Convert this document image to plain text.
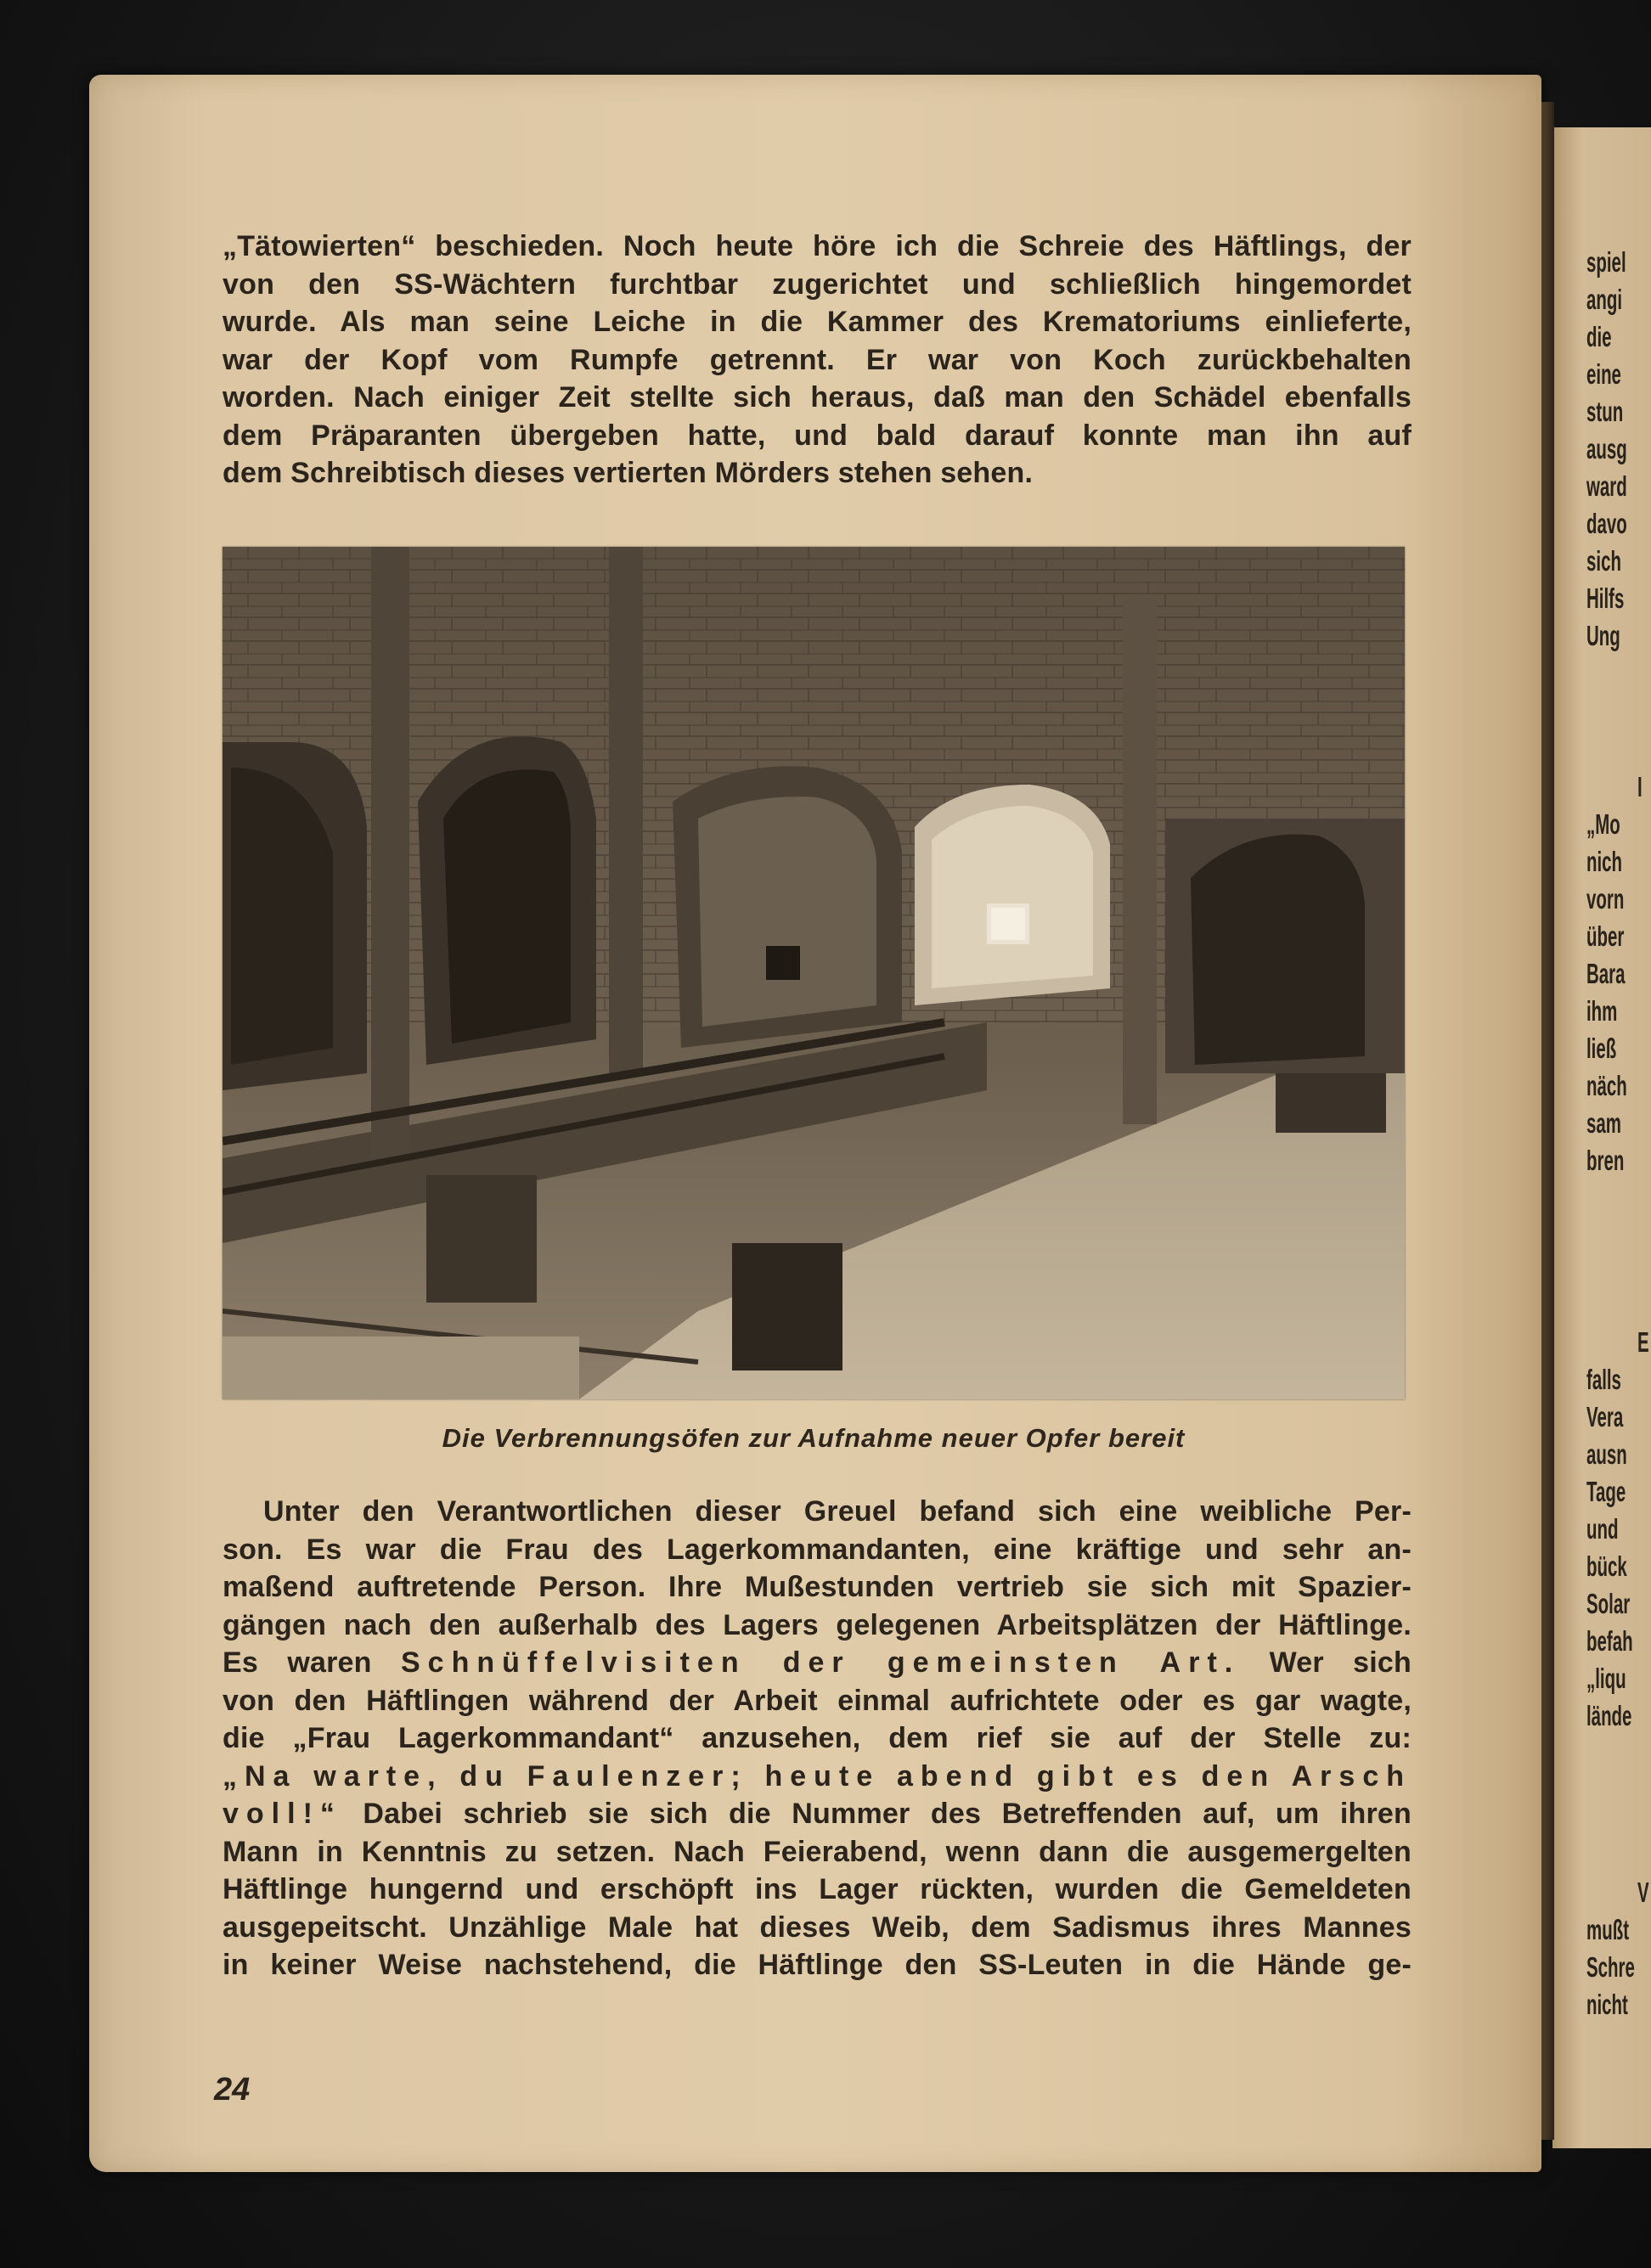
spiel
angi
die
eine
stun
ausg
ward
davo
sich
Hilfs
Ung
I
„Mo
nich
vorn
über
Bara
ihm
ließ
näch
sam
bren
E
falls
Vera
ausn
Tage
und
bück
Solar
befah
„liqu
lände
V
mußt
Schre
nicht
„Tätowierten“ beschieden. Noch heute höre ich die Schreie des Häftlings, der
von den SS-Wächtern furchtbar zugerichtet und schließlich hingemordet
wurde. Als man seine Leiche in die Kammer des Krematoriums einlieferte,
war der Kopf vom Rumpfe getrennt. Er war von Koch zurückbehalten
worden. Nach einiger Zeit stellte sich heraus, daß man den Schädel ebenfalls
dem Präparanten übergeben hatte, und bald darauf konnte man ihn auf
dem Schreibtisch dieses vertierten Mörders stehen sehen.
Die Verbrennungsöfen zur Aufnahme neuer Opfer bereit
Unter den Verantwortlichen dieser Greuel befand sich eine weibliche Per-
son. Es war die Frau des Lagerkommandanten, eine kräftige und sehr an-
maßend auftretende Person. Ihre Mußestunden vertrieb sie sich mit Spazier-
gängen nach den außerhalb des Lagers gelegenen Arbeitsplätzen der Häftlinge.
Es waren Schnüffelvisiten der gemeinsten Art. Wer sich
von den Häftlingen während der Arbeit einmal aufrichtete oder es gar wagte,
die „Frau Lagerkommandant“ anzusehen, dem rief sie auf der Stelle zu:
„Na warte, du Faulenzer; heute abend gibt es den Arsch
voll!“ Dabei schrieb sie sich die Nummer des Betreffenden auf, um ihren
Mann in Kenntnis zu setzen. Nach Feierabend, wenn dann die ausgemergelten
Häftlinge hungernd und erschöpft ins Lager rückten, wurden die Gemeldeten
ausgepeitscht. Unzählige Male hat dieses Weib, dem Sadismus ihres Mannes
in keiner Weise nachstehend, die Häftlinge den SS-Leuten in die Hände ge-
24
